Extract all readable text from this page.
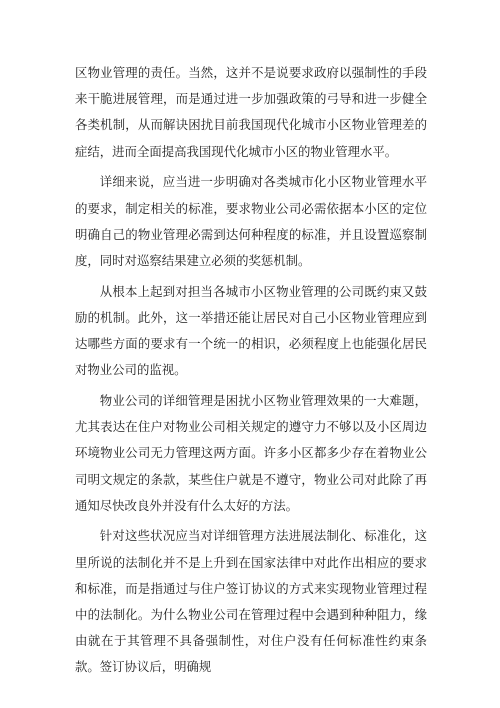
区物业管理的责任。当然，这并不是说要求政府以强制性的手段来干脆进展管理，而是通过进一步加强政策的弓导和进一步健全各类机制，从而解诀困扰目前我国现代化城市小区物业管理差的症结，进而全面提高我国现代化城市小区的物业管理水平。

详细来说，应当进一步明确对各类城市化小区物业管理水平的要求，制定相关的标准，要求物业公司必需依据本小区的定位明确自己的物业管理必需到达何种程度的标准，并且设置巡察制度，同时对巡察结果建立必须的奖惩机制。

从根本上起到对担当各城市小区物业管理的公司既约束又鼓励的机制。此外，这一举措还能让居民对自己小区物业管理应到达哪些方面的要求有一个统一的相识，必须程度上也能强化居民对物业公司的监视。

物业公司的详细管理是困扰小区物业管理效果的一大难题，尤其表达在住户对物业公司相关规定的遵守力不够以及小区周边环境物业公司无力管理这两方面。许多小区都多少存在着物业公司明文规定的条款，某些住户就是不遵守，物业公司对此除了再通知尽快改良外并没有什么太好的方法。

针对这些状况应当对详细管理方法进展法制化、标准化，这里所说的法制化并不是上升到在国家法律中对此作出相应的要求和标准，而是指通过与住户签订协议的方式来实现物业管理过程中的法制化。为什么物业公司在管理过程中会遇到种种阻力，缘由就在于其管理不具备强制性，对住户没有任何标准性约束条款。签订协议后，明确规
